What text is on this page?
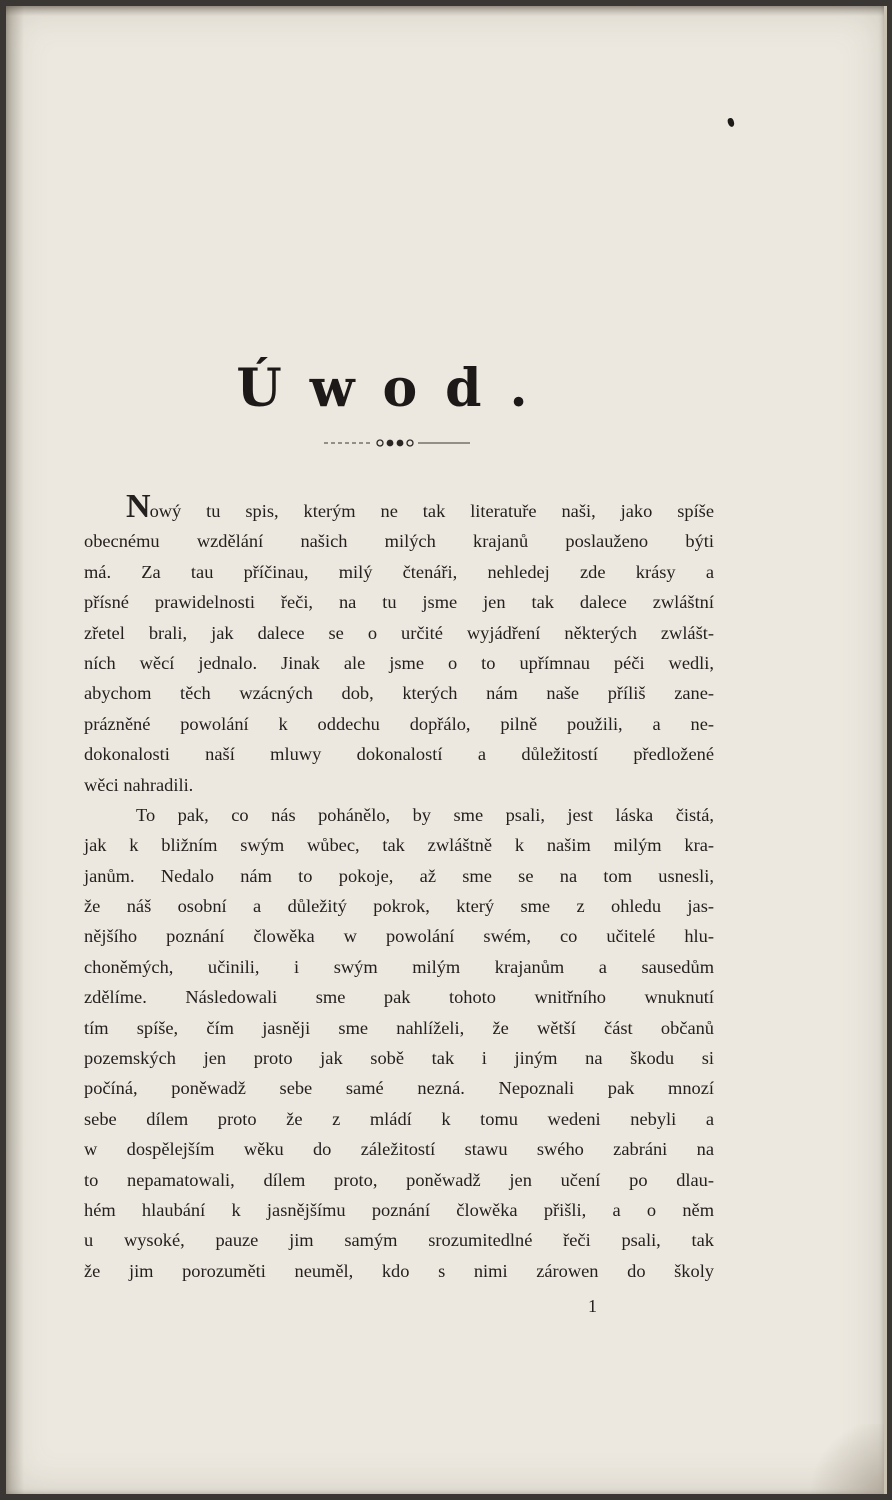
Úwod.
Nowý tu spis, kterým ne tak literatuře naši, jako spíše
obecnému wzdělání našich milých krajanů poslauženo býti
má. Za tau příčinau, milý čtenáři, nehledej zde krásy a
přísné prawidelnosti řeči, na tu jsme jen tak dalece zwláštní
zřetel brali, jak dalece se o určité wyjádření některých zwlášt-
ních wěcí jednalo. Jinak ale jsme o to upřímnau péči wedli,
abychom těch wzácných dob, kterých nám naše příliš zane-
prázněné powolání k oddechu dopřálo, pilně použili, a ne-
dokonalosti naší mluwy dokonalostí a důležitostí předložené
wěci nahradili.
To pak, co nás pohánělo, by sme psali, jest láska čistá,
jak k bližním swým wůbec, tak zwláštně k našim milým kra-
janům. Nedalo nám to pokoje, až sme se na tom usnesli,
že náš osobní a důležitý pokrok, který sme z ohledu jas-
nějšího poznání člowěka w powolání swém, co učitelé hlu-
choněmých, učinili, i swým milým krajanům a sausedům
zdělíme. Následowali sme pak tohoto wnitřního wnuknutí
tím spíše, čím jasněji sme nahlíželi, že wětší část občanů
pozemských jen proto jak sobě tak i jiným na škodu si
počíná, poněwadž sebe samé nezná. Nepoznali pak mnozí
sebe dílem proto že z mládí k tomu wedeni nebyli a
w dospělejším wěku do záležitostí stawu swého zabráni na
to nepamatowali, dílem proto, poněwadž jen učení po dlau-
hém hlaubání k jasnějšímu poznání člowěka přišli, a o něm
u wysoké, pauze jim samým srozumitedlné řeči psali, tak
že jim porozuměti neuměl, kdo s nimi zárowen do školy
1
